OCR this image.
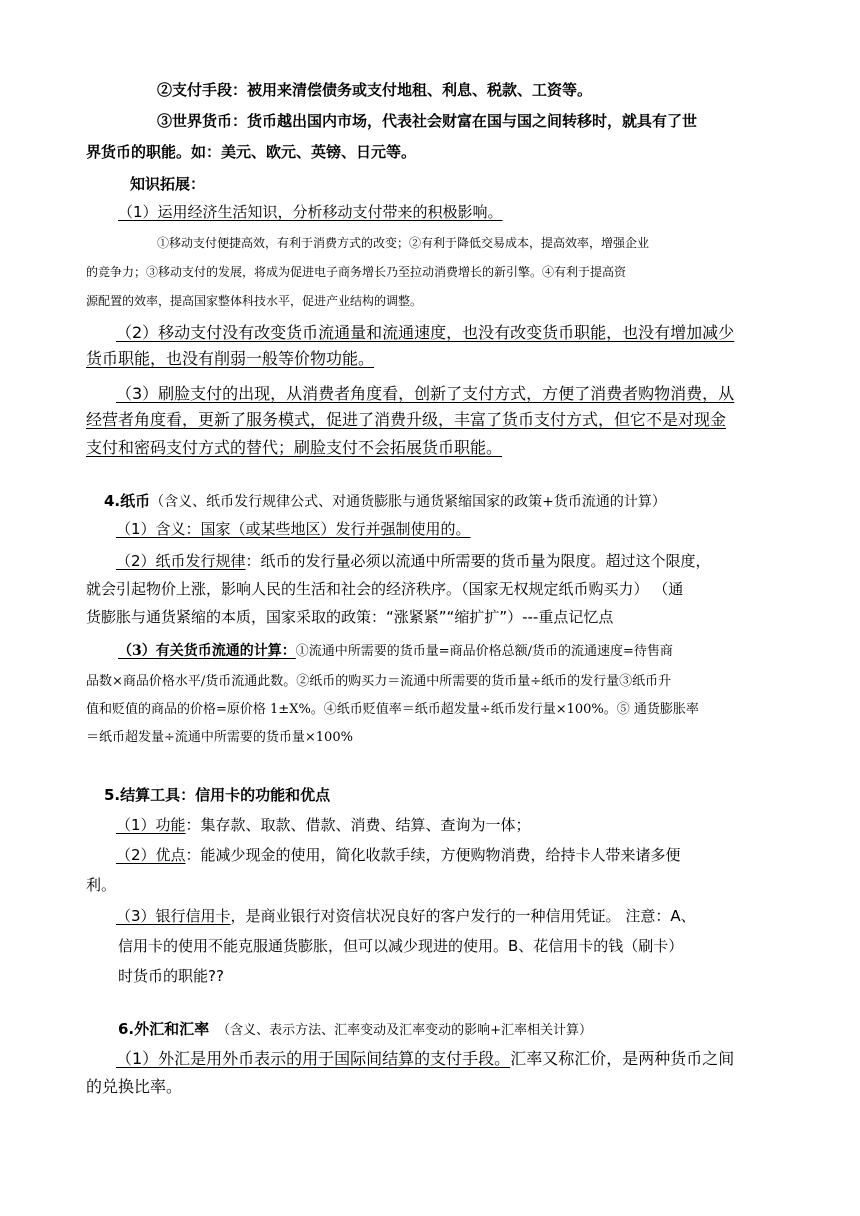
②支付手段：被用来清偿债务或支付地租、利息、税款、工资等。
③世界货币：货币越出国内市场，代表社会财富在国与国之间转移时，就具有了世
界货币的职能。如：美元、欧元、英镑、日元等。
知识拓展：
（1）运用经济生活知识，分析移动支付带来的积极影响。
①移动支付便捷高效，有利于消费方式的改变；②有利于降低交易成本，提高效率，增强企业
的竞争力；③移动支付的发展，将成为促进电子商务增长乃至拉动消费增长的新引擎。④有利于提高资
源配置的效率，提高国家整体科技水平，促进产业结构的调整。
（2）移动支付没有改变货币流通量和流通速度，也没有改变货币职能，也没有增加减少
货币职能，也没有削弱一般等价物功能。
（3）刷脸支付的出现，从消费者角度看，创新了支付方式，方便了消费者购物消费，从
经营者角度看，更新了服务模式，促进了消费升级，丰富了货币支付方式，但它不是对现金
支付和密码支付方式的替代；刷脸支付不会拓展货币职能。
4.纸币（含义、纸币发行规律公式、对通货膨胀与通货紧缩国家的政策+货币流通的计算）
（1）含义：国家（或某些地区）发行并强制使用的。
（2）纸币发行规律：纸币的发行量必须以流通中所需要的货币量为限度。超过这个限度，
就会引起物价上涨，影响人民的生活和社会的经济秩序。（国家无权规定纸币购买力） （通
货膨胀与通货紧缩的本质，国家采取的政策：“涨紧紧”“缩扩扩”）---重点记忆点
（3）有关货币流通的计算：①流通中所需要的货币量=商品价格总额/货币的流通速度=待售商
品数×商品价格水平/货币流通此数。②纸币的购买力＝流通中所需要的货币量÷纸币的发行量③纸币升
值和贬值的商品的价格=原价格 1±X%。④纸币贬值率＝纸币超发量÷纸币发行量×100%。⑤ 通货膨胀率
＝纸币超发量÷流通中所需要的货币量×100%
5.结算工具：信用卡的功能和优点
（1）功能：集存款、取款、借款、消费、结算、查询为一体；
（2）优点：能减少现金的使用，简化收款手续，方便购物消费，给持卡人带来诸多便
利。
（3）银行信用卡，是商业银行对资信状况良好的客户发行的一种信用凭证。 注意：A、
信用卡的使用不能克服通货膨胀，但可以减少现进的使用。B、花信用卡的钱（刷卡）
时货币的职能??
6.外汇和汇率 （含义、表示方法、汇率变动及汇率变动的影响+汇率相关计算）
（1）外汇是用外币表示的用于国际间结算的支付手段。汇率又称汇价，是两种货币之间
的兑换比率。
